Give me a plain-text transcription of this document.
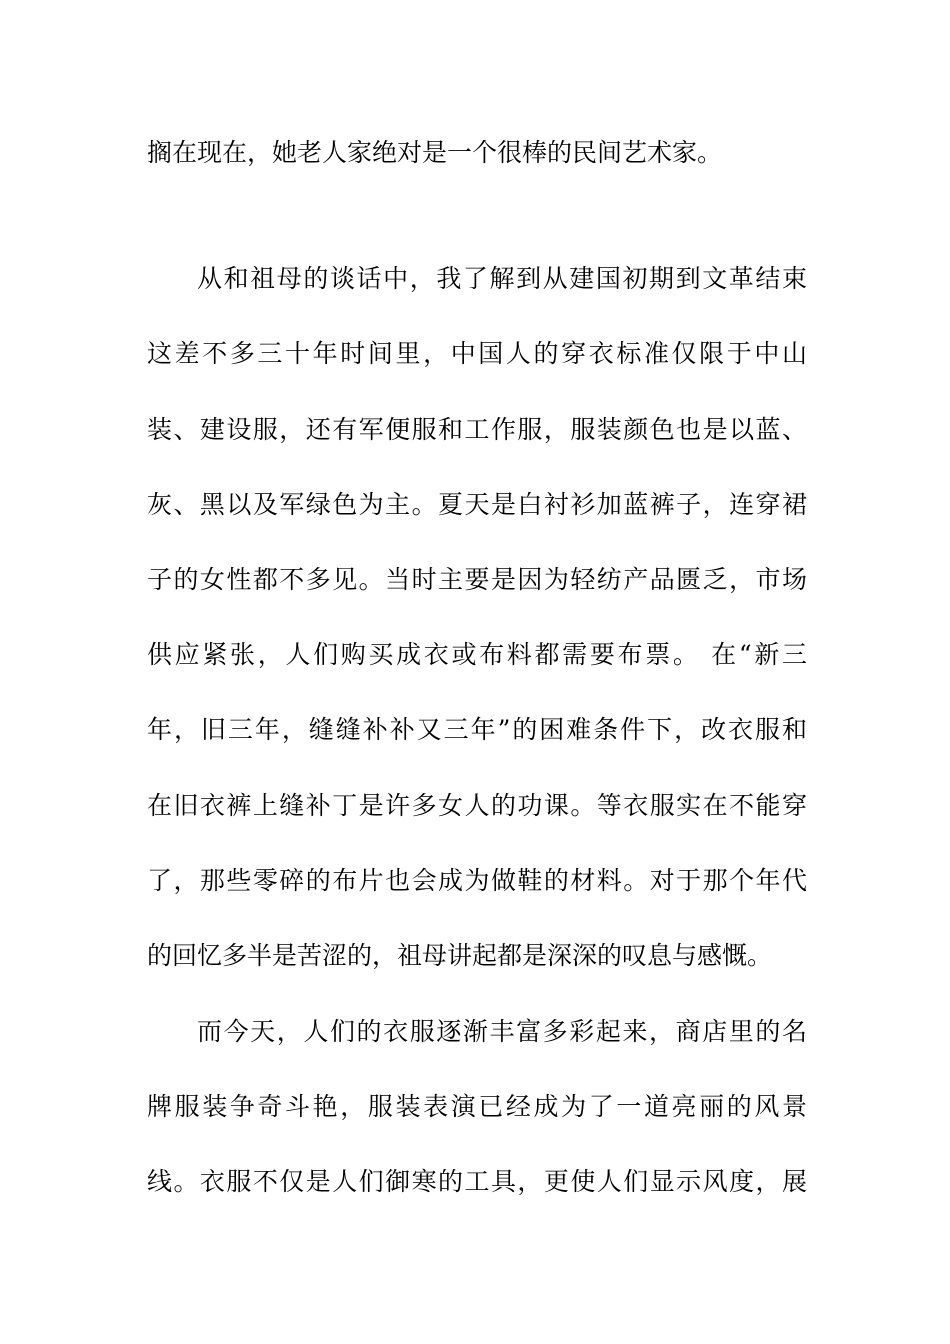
搁在现在，她老人家绝对是一个很棒的民间艺术家。
从和祖母的谈话中，我了解到从建国初期到文革结束
这差不多三十年时间里，中国人的穿衣标准仅限于中山
装、建设服，还有军便服和工作服，服装颜色也是以蓝、
灰、黑以及军绿色为主。夏天是白衬衫加蓝裤子，连穿裙
子的女性都不多见。当时主要是因为轻纺产品匮乏，市场
供应紧张，人们购买成衣或布料都需要布票。 在“新三
年，旧三年，缝缝补补又三年”的困难条件下，改衣服和
在旧衣裤上缝补丁是许多女人的功课。等衣服实在不能穿
了，那些零碎的布片也会成为做鞋的材料。对于那个年代
的回忆多半是苦涩的，祖母讲起都是深深的叹息与感慨。
而今天，人们的衣服逐渐丰富多彩起来，商店里的名
牌服装争奇斗艳，服装表演已经成为了一道亮丽的风景
线。衣服不仅是人们御寒的工具，更使人们显示风度，展
